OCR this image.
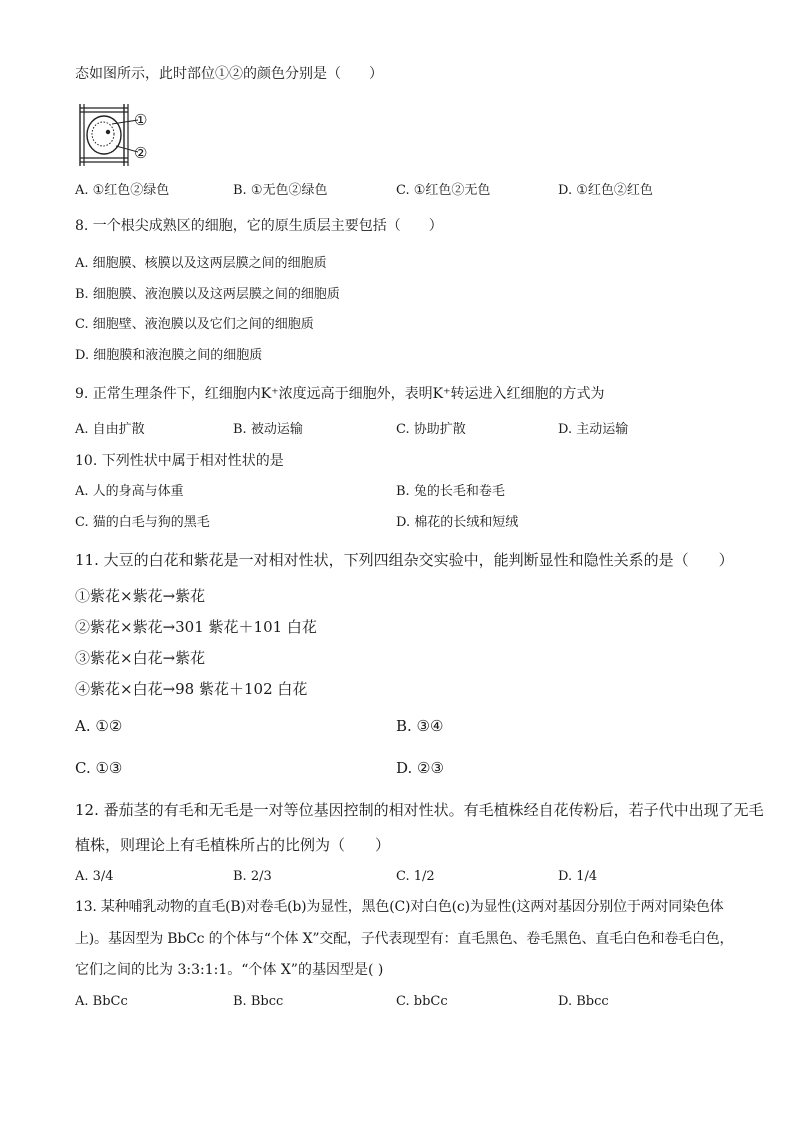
态如图所示，此时部位①②的颜色分别是（　　）
①
②
A. ①红色②绿色	B. ①无色②绿色	C. ①红色②无色	D. ①红色②红色
8. 一个根尖成熟区的细胞，它的原生质层主要包括（　　）
A. 细胞膜、核膜以及这两层膜之间的细胞质
B. 细胞膜、液泡膜以及这两层膜之间的细胞质
C. 细胞壁、液泡膜以及它们之间的细胞质
D. 细胞膜和液泡膜之间的细胞质
9. 正常生理条件下，红细胞内K⁺浓度远高于细胞外，表明K⁺转运进入红细胞的方式为
A. 自由扩散	B. 被动运输	C. 协助扩散	D. 主动运输
10. 下列性状中属于相对性状的是
A. 人的身高与体重	B. 兔的长毛和卷毛
C. 猫的白毛与狗的黑毛	D. 棉花的长绒和短绒
11. 大豆的白花和紫花是一对相对性状，下列四组杂交实验中，能判断显性和隐性关系的是（　　）
①紫花×紫花→紫花
②紫花×紫花→301 紫花＋101 白花
③紫花×白花→紫花
④紫花×白花→98 紫花＋102 白花
A. ①②	B. ③④
C. ①③	D. ②③
12. 番茄茎的有毛和无毛是一对等位基因控制的相对性状。有毛植株经自花传粉后，若子代中出现了无毛
植株，则理论上有毛植株所占的比例为（　　）
A. 3/4	B. 2/3	C. 1/2	D. 1/4
13. 某种哺乳动物的直毛(B)对卷毛(b)为显性，黑色(C)对白色(c)为显性(这两对基因分别位于两对同染色体
上)。基因型为 BbCc 的个体与“个体 X”交配，子代表现型有：直毛黑色、卷毛黑色、直毛白色和卷毛白色，
它们之间的比为 3:3:1:1。“个体 X”的基因型是( )
A. BbCc	B. Bbcc	C. bbCc	D. Bbcc
